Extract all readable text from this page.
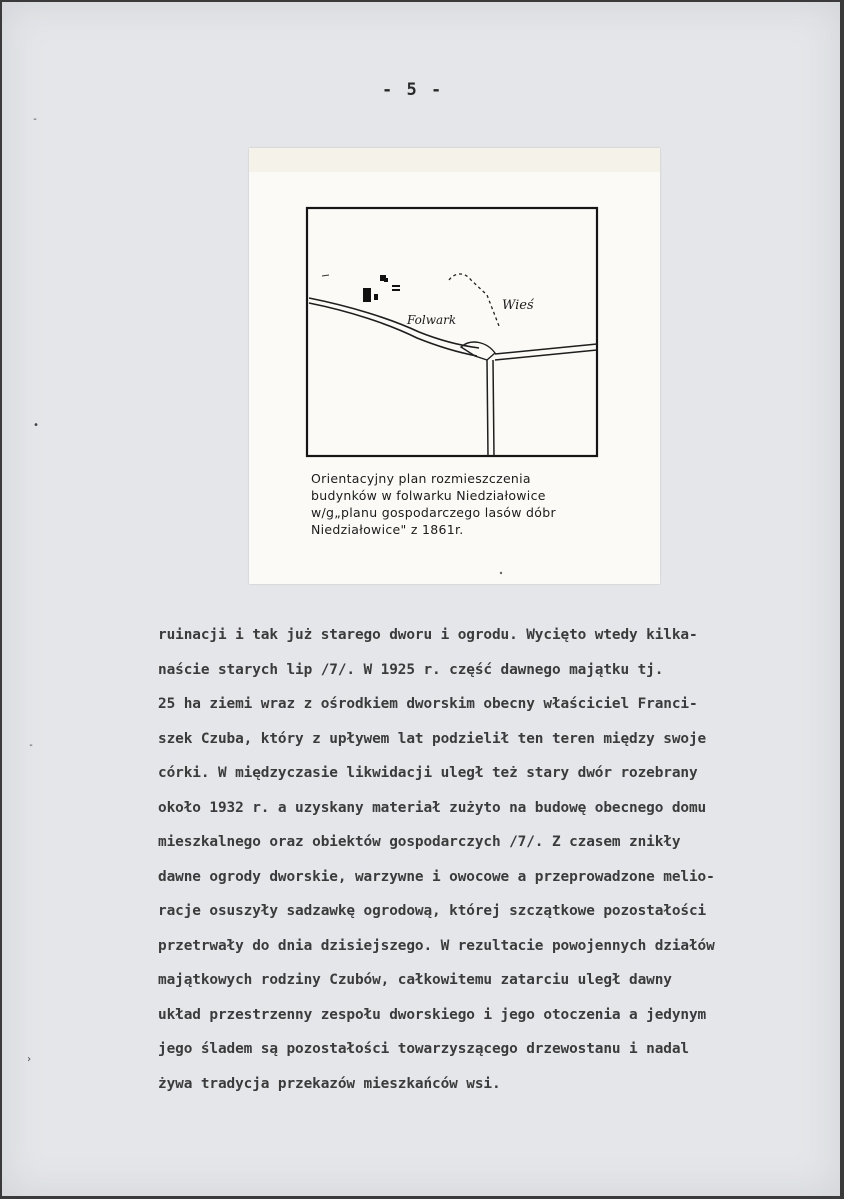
- 5 -
Folwark
Wieś
Orientacyjny plan rozmieszczenia
budynków w folwarku Niedziałowice
w/g„planu gospodarczego lasów dóbr
Niedziałowice" z 1861r.
ruinacji i tak już starego dworu i ogrodu. Wycięto wtedy kilka-
naście starych lip /7/. W 1925 r. część dawnego majątku tj.
25 ha ziemi wraz z ośrodkiem dworskim obecny właściciel Franci-
szek Czuba, który z upływem lat podzielił ten teren między swoje
córki. W międzyczasie likwidacji uległ też stary dwór rozebrany
około 1932 r. a uzyskany materiał zużyto na budowę obecnego domu
mieszkalnego oraz obiektów gospodarczych /7/. Z czasem znikły
dawne ogrody dworskie, warzywne i owocowe a przeprowadzone melio-
racje osuszyły sadzawkę ogrodową, której szczątkowe pozostałości
przetrwały do dnia dzisiejszego. W rezultacie powojennych działów
majątkowych rodziny Czubów, całkowitemu zatarciu uległ dawny
układ przestrzenny zespołu dworskiego i jego otoczenia a jedynym
jego śladem są pozostałości towarzyszącego drzewostanu i nadal
żywa tradycja przekazów mieszkańców wsi.
-
•
-
›
